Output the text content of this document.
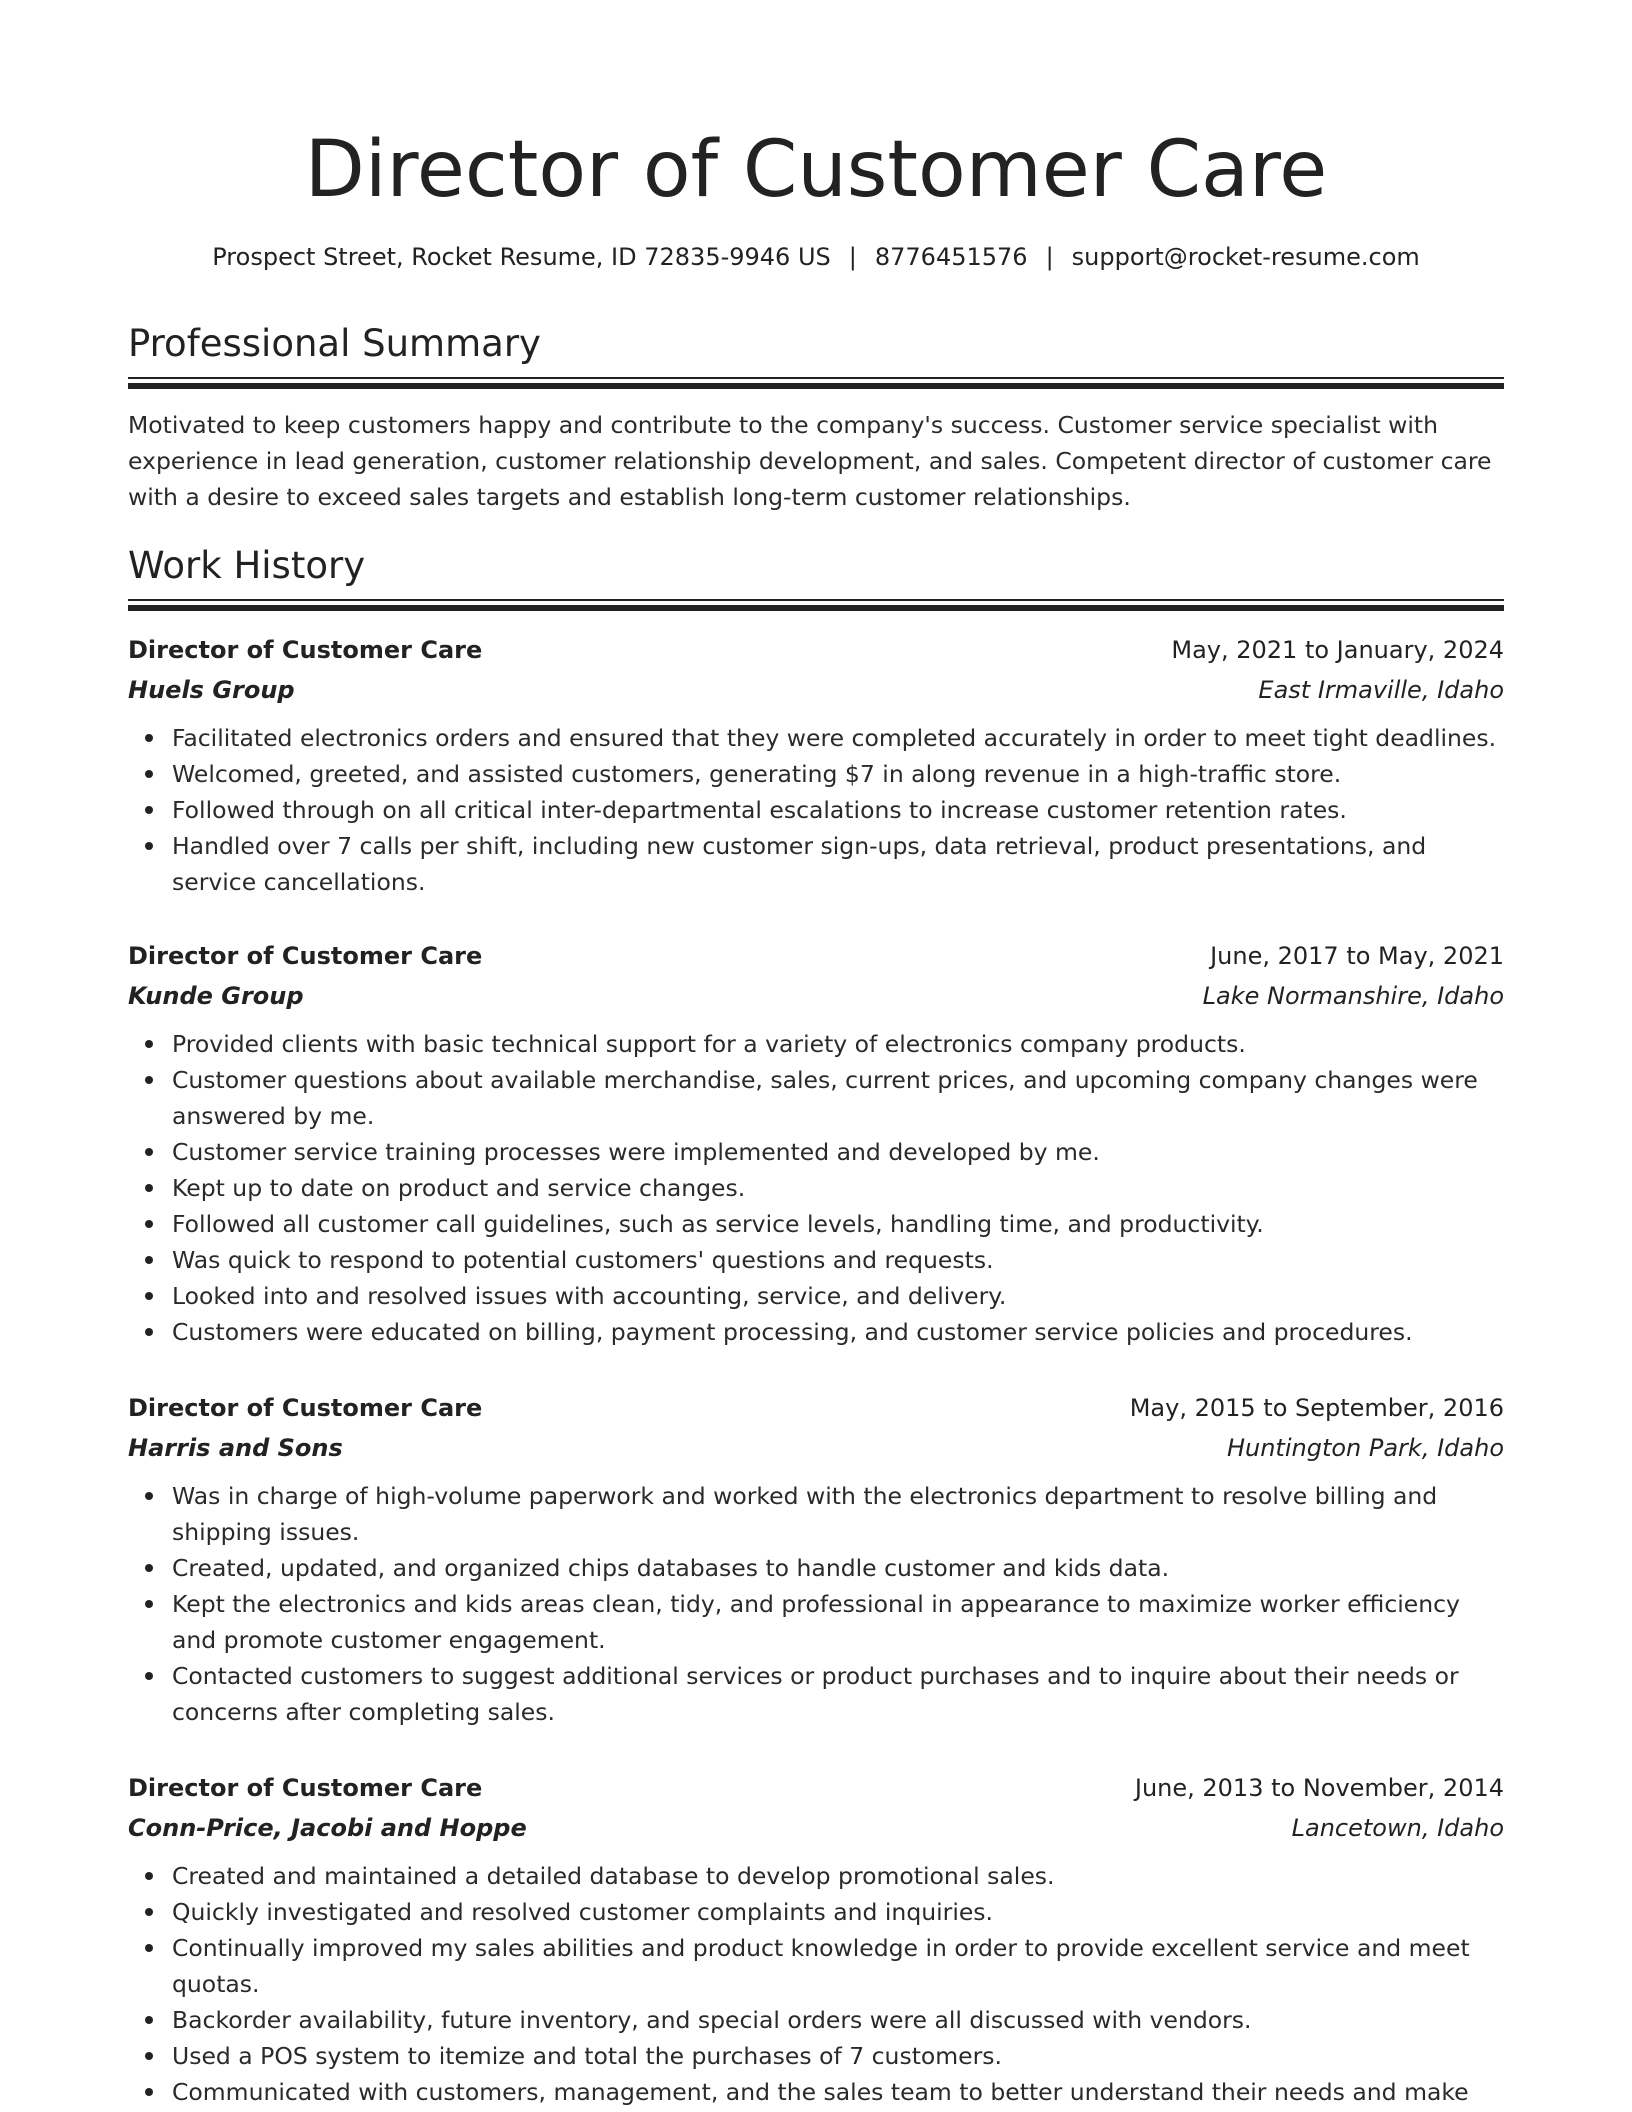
Director of Customer Care
Prospect Street, Rocket Resume, ID 72835-9946 US | 8776451576 | support@rocket-resume.com
Professional Summary
Motivated to keep customers happy and contribute to the company's success. Customer service specialist with experience in lead generation, customer relationship development, and sales. Competent director of customer care with a desire to exceed sales targets and establish long-term customer relationships.
Work History
Director of Customer Care	May, 2021 to January, 2024
Huels Group	East Irmaville, Idaho
Facilitated electronics orders and ensured that they were completed accurately in order to meet tight deadlines.
Welcomed, greeted, and assisted customers, generating $7 in along revenue in a high-traffic store.
Followed through on all critical inter-departmental escalations to increase customer retention rates.
Handled over 7 calls per shift, including new customer sign-ups, data retrieval, product presentations, and service cancellations.
Director of Customer Care	June, 2017 to May, 2021
Kunde Group	Lake Normanshire, Idaho
Provided clients with basic technical support for a variety of electronics company products.
Customer questions about available merchandise, sales, current prices, and upcoming company changes were answered by me.
Customer service training processes were implemented and developed by me.
Kept up to date on product and service changes.
Followed all customer call guidelines, such as service levels, handling time, and productivity.
Was quick to respond to potential customers' questions and requests.
Looked into and resolved issues with accounting, service, and delivery.
Customers were educated on billing, payment processing, and customer service policies and procedures.
Director of Customer Care	May, 2015 to September, 2016
Harris and Sons	Huntington Park, Idaho
Was in charge of high-volume paperwork and worked with the electronics department to resolve billing and shipping issues.
Created, updated, and organized chips databases to handle customer and kids data.
Kept the electronics and kids areas clean, tidy, and professional in appearance to maximize worker efficiency and promote customer engagement.
Contacted customers to suggest additional services or product purchases and to inquire about their needs or concerns after completing sales.
Director of Customer Care	June, 2013 to November, 2014
Conn-Price, Jacobi and Hoppe	Lancetown, Idaho
Created and maintained a detailed database to develop promotional sales.
Quickly investigated and resolved customer complaints and inquiries.
Continually improved my sales abilities and product knowledge in order to provide excellent service and meet quotas.
Backorder availability, future inventory, and special orders were all discussed with vendors.
Used a POS system to itemize and total the purchases of 7 customers.
Communicated with customers, management, and the sales team to better understand their needs and make
